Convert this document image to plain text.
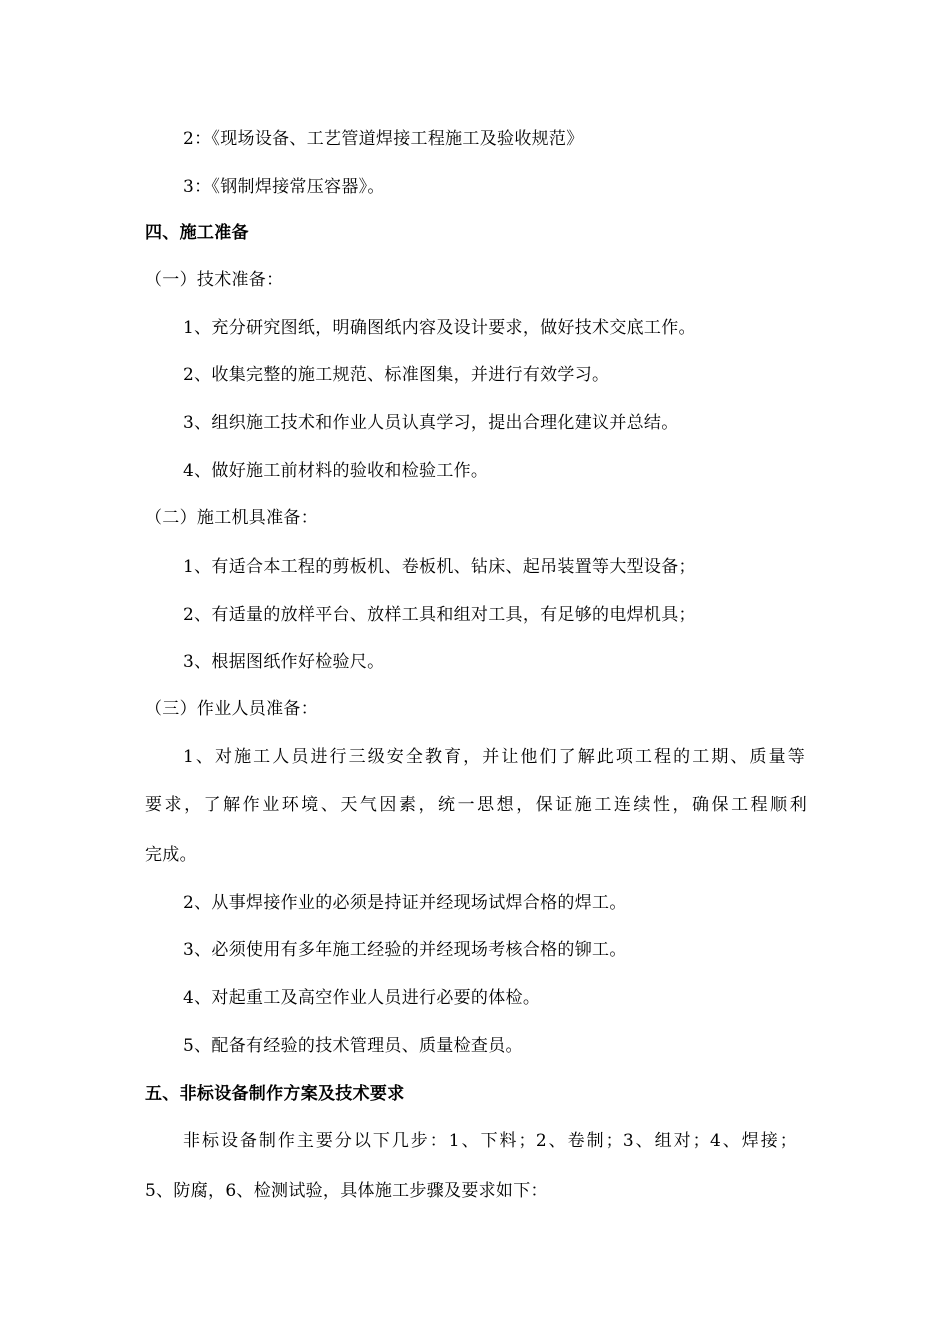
2：《现场设备、工艺管道焊接工程施工及验收规范》
3：《钢制焊接常压容器》。
四、施工准备
（一）技术准备：
1、充分研究图纸，明确图纸内容及设计要求，做好技术交底工作。
2、收集完整的施工规范、标准图集，并进行有效学习。
3、组织施工技术和作业人员认真学习，提出合理化建议并总结。
4、做好施工前材料的验收和检验工作。
（二）施工机具准备：
1、有适合本工程的剪板机、卷板机、钻床、起吊装置等大型设备；
2、有适量的放样平台、放样工具和组对工具，有足够的电焊机具；
3、根据图纸作好检验尺。
（三）作业人员准备：
1、对施工人员进行三级安全教育，并让他们了解此项工程的工期、质量等
要求，了解作业环境、天气因素，统一思想，保证施工连续性，确保工程顺利
完成。
2、从事焊接作业的必须是持证并经现场试焊合格的焊工。
3、必须使用有多年施工经验的并经现场考核合格的铆工。
4、对起重工及高空作业人员进行必要的体检。
5、配备有经验的技术管理员、质量检查员。
五、非标设备制作方案及技术要求
非标设备制作主要分以下几步：1、下料；2、卷制；3、组对；4、焊接；
5、防腐，6、检测试验，具体施工步骤及要求如下：
